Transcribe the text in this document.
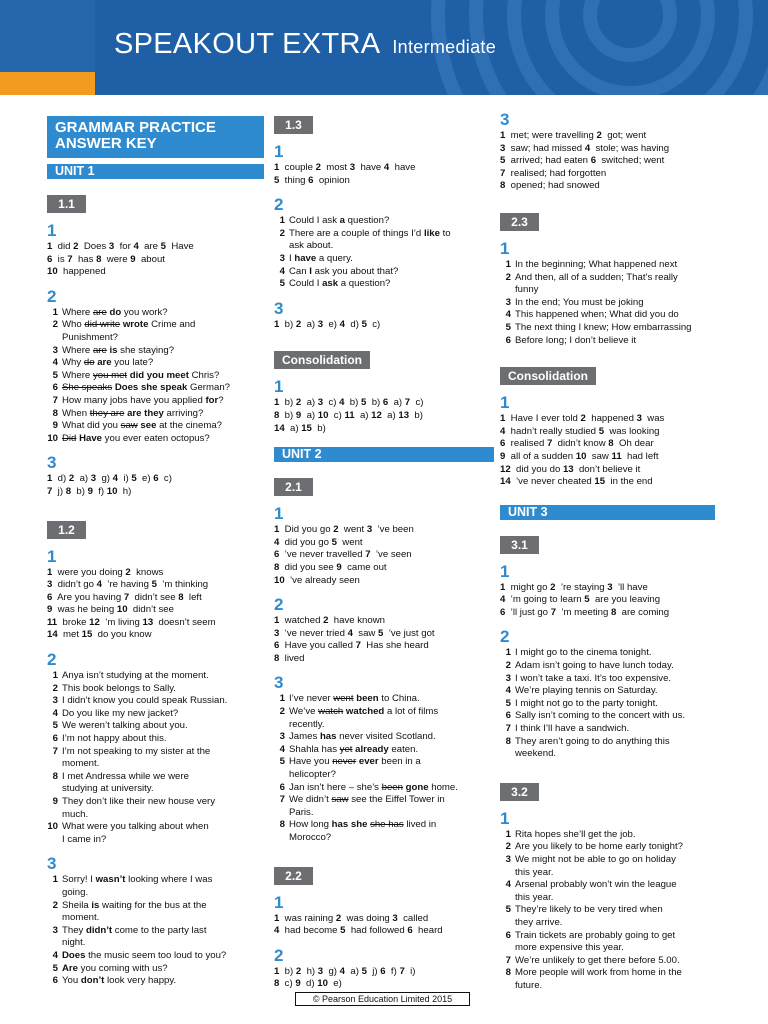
SPEAKOUT EXTRA Intermediate
GRAMMAR PRACTICE
ANSWER KEY
UNIT 1
1.1
1
1  did 2  Does 3  for 4  are 5  Have
6  is 7  has 8  were 9  about
10  happened
2
1 Where are do you work?
2 Who did write wrote Crime and
Punishment?
3 Where are is she staying?
4 Why do are you late?
5 Where you met did you meet Chris?
6 She speaks Does she speak German?
7 How many jobs have you applied for?
8 When they are are they arriving?
9 What did you saw see at the cinema?
10 Did Have you ever eaten octopus?
3
1  d) 2  a) 3  g) 4  i) 5  e) 6  c)
7  j) 8  b) 9  f) 10  h)
1.2
1
1  were you doing 2  knows
3  didn’t go 4  ’re having 5  ’m thinking
6  Are you having 7  didn’t see 8  left
9  was he being 10  didn’t see
11  broke 12  ’m living 13  doesn’t seem
14  met 15  do you know
2
1 Anya isn’t studying at the moment.
2 This book belongs to Sally.
3 I didn’t know you could speak Russian.
4 Do you like my new jacket?
5 We weren’t talking about you.
6 I’m not happy about this.
7 I’m not speaking to my sister at the
moment.
8 I met Andressa while we were
studying at university.
9 They don’t like their new house very
much.
10 What were you talking about when
I came in?
3
1 Sorry! I wasn’t looking where I was
going.
2 Sheila is waiting for the bus at the
moment.
3 They didn’t come to the party last
night.
4 Does the music seem too loud to you?
5 Are you coming with us?
6 You don’t look very happy.
1.3
1
1  couple 2  most 3  have 4  have
5  thing 6  opinion
2
1 Could I ask a question?
2 There are a couple of things I’d like to
ask about.
3 I have a query.
4 Can I ask you about that?
5 Could I ask a question?
3
1  b) 2  a) 3  e) 4  d) 5  c)
Consolidation
1
1  b) 2  a) 3  c) 4  b) 5  b) 6  a) 7  c)
8  b) 9  a) 10  c) 11  a) 12  a) 13  b)
14  a) 15  b)
UNIT 2
2.1
1
1  Did you go 2  went 3  ’ve been
4  did you go 5  went
6  ’ve never travelled 7  ’ve seen
8  did you see 9  came out
10  ’ve already seen
2
1  watched 2  have known
3  ’ve never tried 4  saw 5  ’ve just got
6  Have you called 7  Has she heard
8  lived
3
1 I’ve never went been to China.
2 We’ve watch watched a lot of films
recently.
3 James has never visited Scotland.
4 Shahla has yet already eaten.
5 Have you never ever been in a
helicopter?
6 Jan isn’t here – she’s been gone home.
7 We didn’t saw see the Eiffel Tower in
Paris.
8 How long has she she has lived in
Morocco?
2.2
1
1  was raining 2  was doing 3  called
4  had become 5  had followed 6  heard
2
1  b) 2  h) 3  g) 4  a) 5  j) 6  f) 7  i)
8  c) 9  d) 10  e)
3
1  met; were travelling 2  got; went
3  saw; had missed 4  stole; was having
5  arrived; had eaten 6  switched; went
7  realised; had forgotten
8  opened; had snowed
2.3
1
1 In the beginning; What happened next
2 And then, all of a sudden; That’s really
funny
3 In the end; You must be joking
4 This happened when; What did you do
5 The next thing I knew; How embarrassing
6 Before long; I don’t believe it
Consolidation
1
1  Have I ever told 2  happened 3  was
4  hadn’t really studied 5  was looking
6  realised 7  didn’t know 8  Oh dear
9  all of a sudden 10  saw 11  had left
12  did you do 13  don’t believe it
14  ’ve never cheated 15  in the end
UNIT 3
3.1
1
1  might go 2  ’re staying 3  ’ll have
4  ’m going to learn 5  are you leaving
6  ’ll just go 7  ’m meeting 8  are coming
2
1 I might go to the cinema tonight.
2 Adam isn’t going to have lunch today.
3 I won’t take a taxi. It’s too expensive.
4 We’re playing tennis on Saturday.
5 I might not go to the party tonight.
6 Sally isn’t coming to the concert with us.
7 I think I’ll have a sandwich.
8 They aren’t going to do anything this
weekend.
3.2
1
1 Rita hopes she’ll get the job.
2 Are you likely to be home early tonight?
3 We might not be able to go on holiday
this year.
4 Arsenal probably won’t win the league
this year.
5 They’re likely to be very tired when
they arrive.
6 Train tickets are probably going to get
more expensive this year.
7 We’re unlikely to get there before 5.00.
8 More people will work from home in the
future.
© Pearson Education Limited 2015
